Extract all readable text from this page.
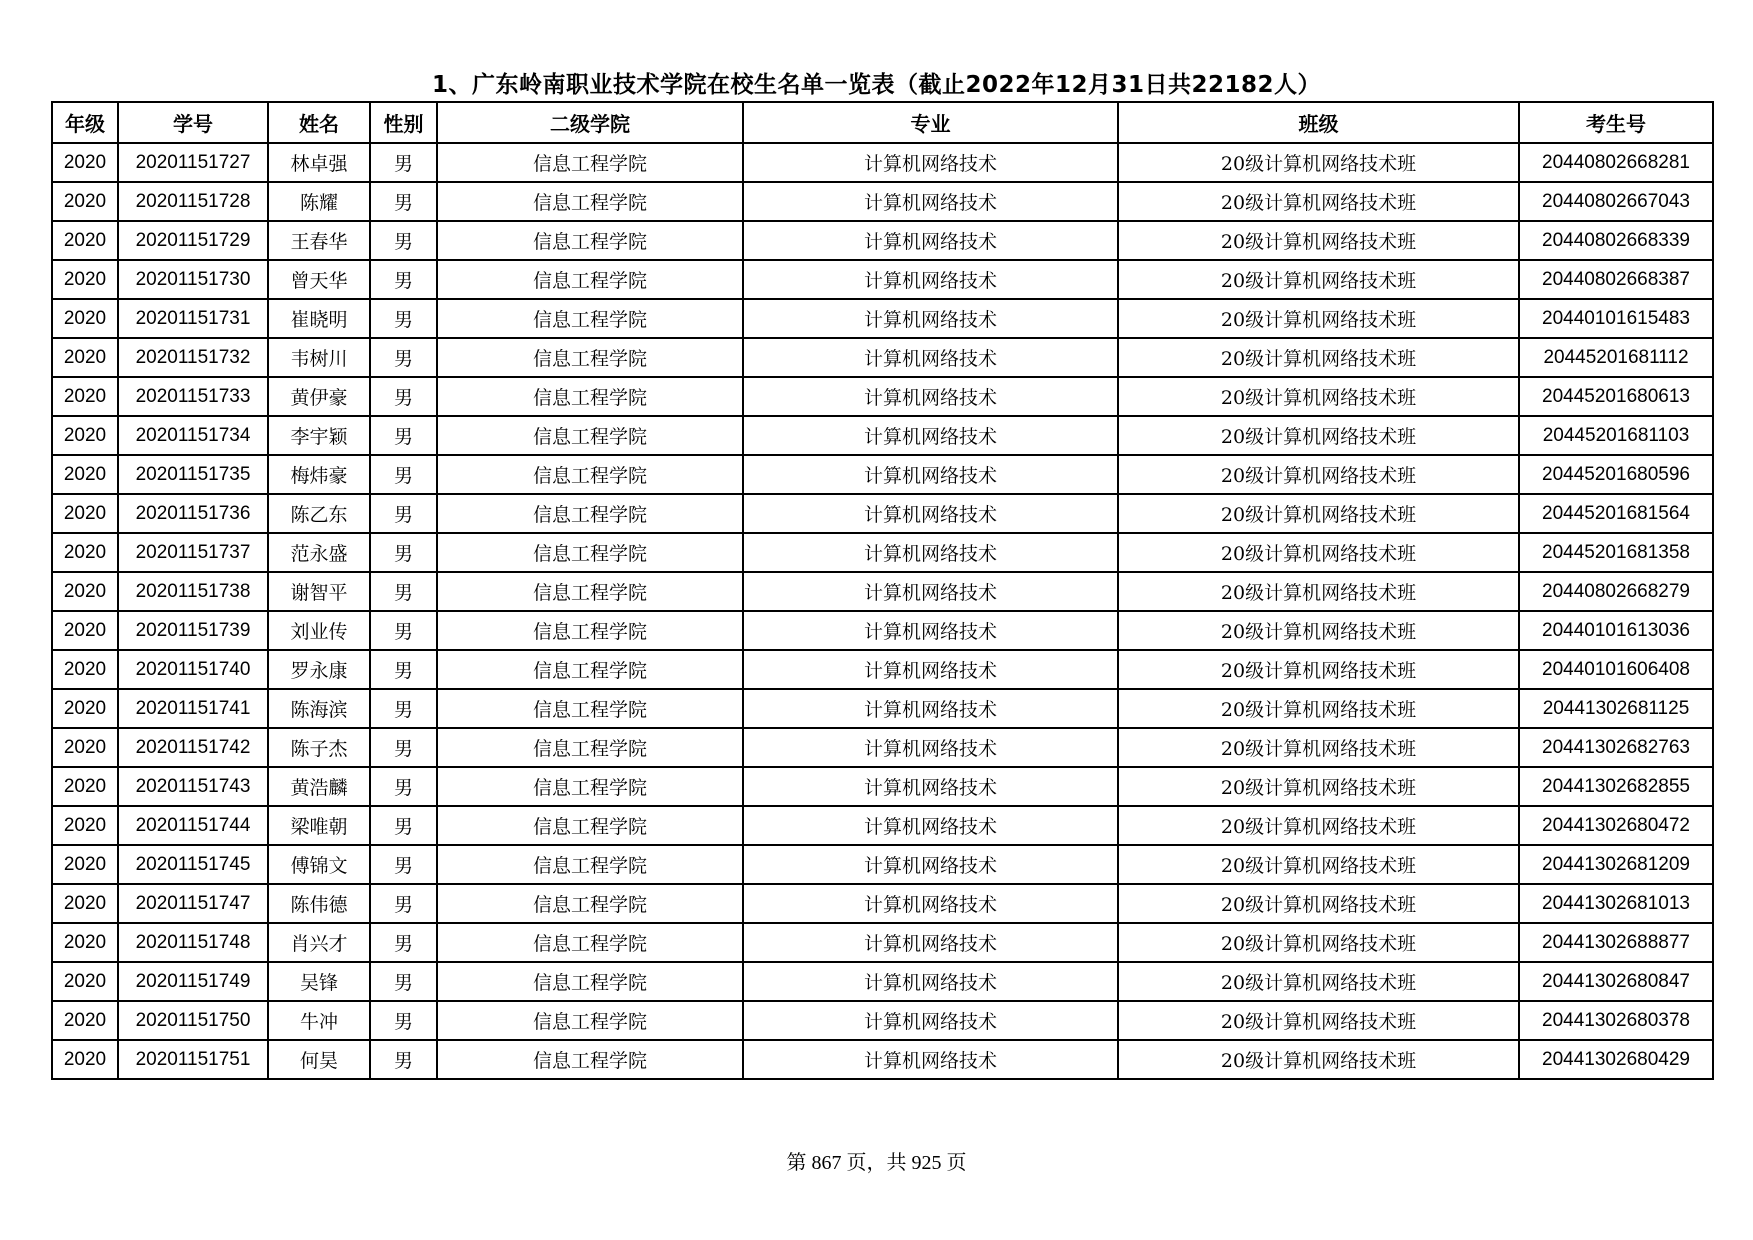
1、广东岭南职业技术学院在校生名单一览表（截止2022年12月31日共22182人）
年级	学号	姓名	性别	二级学院	专业	班级	考生号
2020	20201151727	林卓强	男	信息工程学院	计算机网络技术	20级计算机网络技术班	20440802668281
2020	20201151728	陈耀	男	信息工程学院	计算机网络技术	20级计算机网络技术班	20440802667043
2020	20201151729	王春华	男	信息工程学院	计算机网络技术	20级计算机网络技术班	20440802668339
2020	20201151730	曾天华	男	信息工程学院	计算机网络技术	20级计算机网络技术班	20440802668387
2020	20201151731	崔晓明	男	信息工程学院	计算机网络技术	20级计算机网络技术班	20440101615483
2020	20201151732	韦树川	男	信息工程学院	计算机网络技术	20级计算机网络技术班	20445201681112
2020	20201151733	黄伊豪	男	信息工程学院	计算机网络技术	20级计算机网络技术班	20445201680613
2020	20201151734	李宇颖	男	信息工程学院	计算机网络技术	20级计算机网络技术班	20445201681103
2020	20201151735	梅炜豪	男	信息工程学院	计算机网络技术	20级计算机网络技术班	20445201680596
2020	20201151736	陈乙东	男	信息工程学院	计算机网络技术	20级计算机网络技术班	20445201681564
2020	20201151737	范永盛	男	信息工程学院	计算机网络技术	20级计算机网络技术班	20445201681358
2020	20201151738	谢智平	男	信息工程学院	计算机网络技术	20级计算机网络技术班	20440802668279
2020	20201151739	刘业传	男	信息工程学院	计算机网络技术	20级计算机网络技术班	20440101613036
2020	20201151740	罗永康	男	信息工程学院	计算机网络技术	20级计算机网络技术班	20440101606408
2020	20201151741	陈海滨	男	信息工程学院	计算机网络技术	20级计算机网络技术班	20441302681125
2020	20201151742	陈子杰	男	信息工程学院	计算机网络技术	20级计算机网络技术班	20441302682763
2020	20201151743	黄浩麟	男	信息工程学院	计算机网络技术	20级计算机网络技术班	20441302682855
2020	20201151744	梁唯朝	男	信息工程学院	计算机网络技术	20级计算机网络技术班	20441302680472
2020	20201151745	傅锦文	男	信息工程学院	计算机网络技术	20级计算机网络技术班	20441302681209
2020	20201151747	陈伟德	男	信息工程学院	计算机网络技术	20级计算机网络技术班	20441302681013
2020	20201151748	肖兴才	男	信息工程学院	计算机网络技术	20级计算机网络技术班	20441302688877
2020	20201151749	吴锋	男	信息工程学院	计算机网络技术	20级计算机网络技术班	20441302680847
2020	20201151750	牛冲	男	信息工程学院	计算机网络技术	20级计算机网络技术班	20441302680378
2020	20201151751	何昊	男	信息工程学院	计算机网络技术	20级计算机网络技术班	20441302680429
第 867 页，共 925 页
